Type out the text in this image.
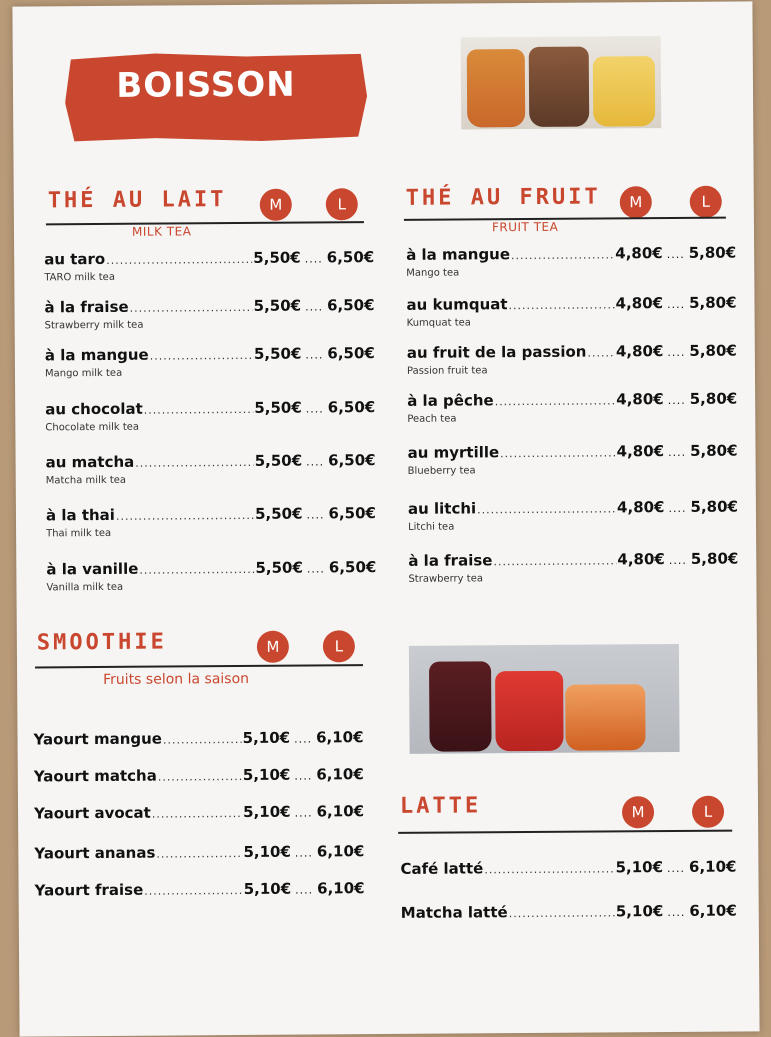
BOISSON
THÉ AU LAIT	M	L
MILK TEA
au taro .....	5,50€ .... 6,50€
TARO milk tea
à la fraise .....	5,50€ .... 6,50€
Strawberry milk tea
à la mangue .....	5,50€ .... 6,50€
Mango milk tea
au chocolat .....	5,50€ .... 6,50€
Chocolate milk tea
au matcha .....	5,50€ .... 6,50€
Matcha milk tea
à la thai .....	5,50€ .... 6,50€
Thai milk tea
à la vanille .....	5,50€ .... 6,50€
Vanilla milk tea
THÉ AU FRUIT	M	L
FRUIT TEA
à la mangue .....	4,80€ .... 5,80€
Mango tea
au kumquat .....	4,80€ .... 5,80€
Kumquat tea
au fruit de la passion ..... 4,80€ .... 5,80€
Passion fruit tea
à la pêche .....	4,80€ .... 5,80€
Peach tea
au myrtille .....	4,80€ .... 5,80€
Blueberry tea
au litchi .....	4,80€ .... 5,80€
Litchi tea
à la fraise .....	4,80€ .... 5,80€
Strawberry tea
SMOOTHIE	M	L
Fruits selon la saison
Yaourt mangue .....	5,10€ .... 6,10€
Yaourt matcha .....	5,10€ .... 6,10€
Yaourt avocat .....	5,10€ .... 6,10€
Yaourt ananas .....	5,10€ .... 6,10€
Yaourt fraise .....	5,10€ .... 6,10€
LATTE	M	L
Café latté .....	5,10€ .... 6,10€
Matcha latté .....	5,10€ .... 6,10€
